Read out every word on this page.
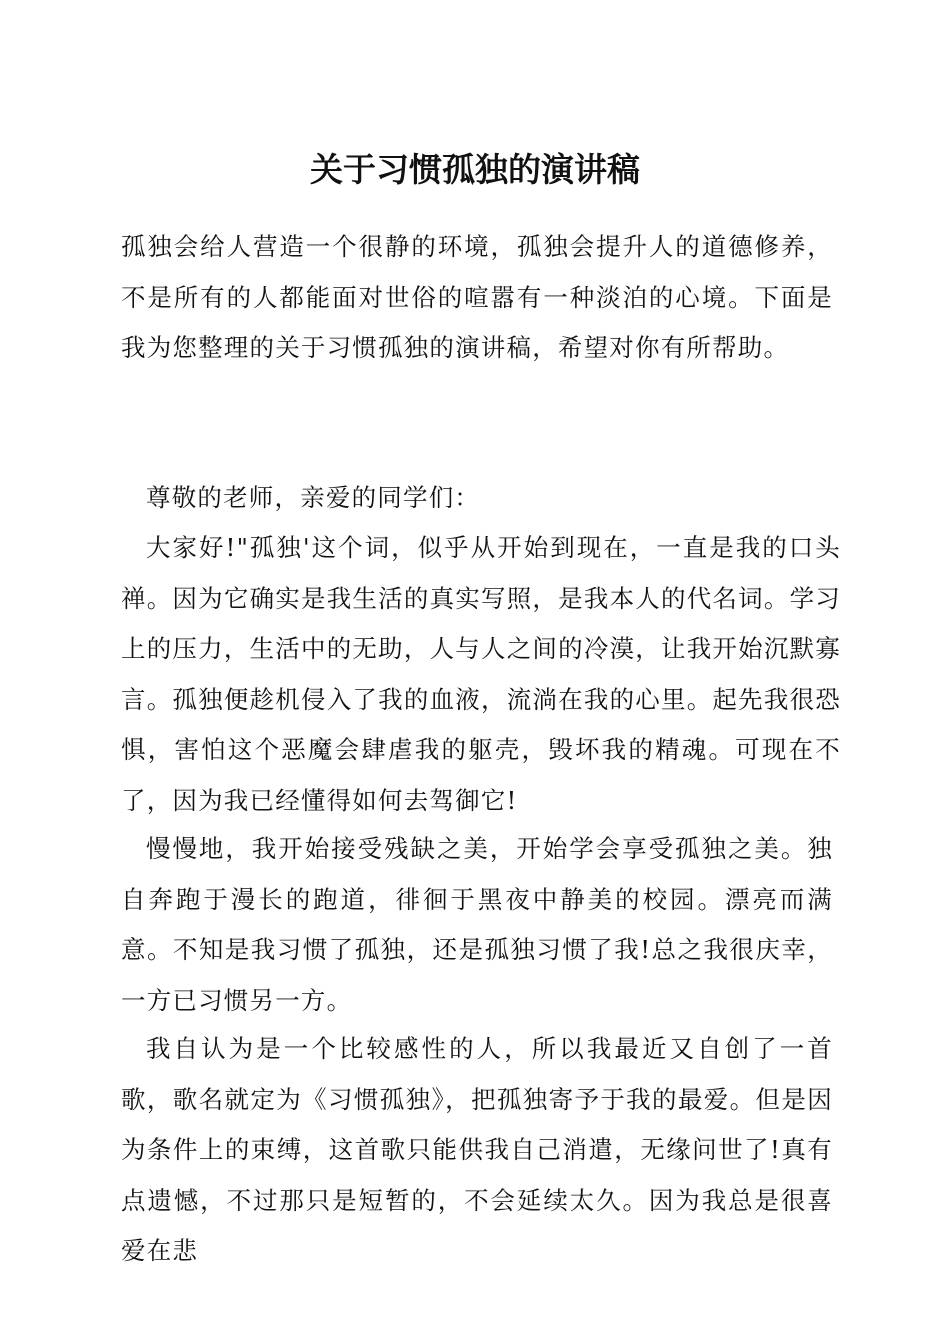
关于习惯孤独的演讲稿

孤独会给人营造一个很静的环境，孤独会提升人的道德修养，不是所有的人都能面对世俗的喧嚣有一种淡泊的心境。下面是我为您整理的关于习惯孤独的演讲稿，希望对你有所帮助。

尊敬的老师，亲爱的同学们：

大家好!"孤独'这个词，似乎从开始到现在，一直是我的口头禅。因为它确实是我生活的真实写照，是我本人的代名词。学习上的压力，生活中的无助，人与人之间的冷漠，让我开始沉默寡言。孤独便趁机侵入了我的血液，流淌在我的心里。起先我很恐惧，害怕这个恶魔会肆虐我的躯壳，毁坏我的精魂。可现在不了，因为我已经懂得如何去驾御它!

慢慢地，我开始接受残缺之美，开始学会享受孤独之美。独自奔跑于漫长的跑道，徘徊于黑夜中静美的校园。漂亮而满意。不知是我习惯了孤独，还是孤独习惯了我!总之我很庆幸，一方已习惯另一方。

我自认为是一个比较感性的人，所以我最近又自创了一首歌，歌名就定为《习惯孤独》，把孤独寄予于我的最爱。但是因为条件上的束缚，这首歌只能供我自己消遣，无缘问世了!真有点遗憾，不过那只是短暂的，不会延续太久。因为我总是很喜爱在悲
